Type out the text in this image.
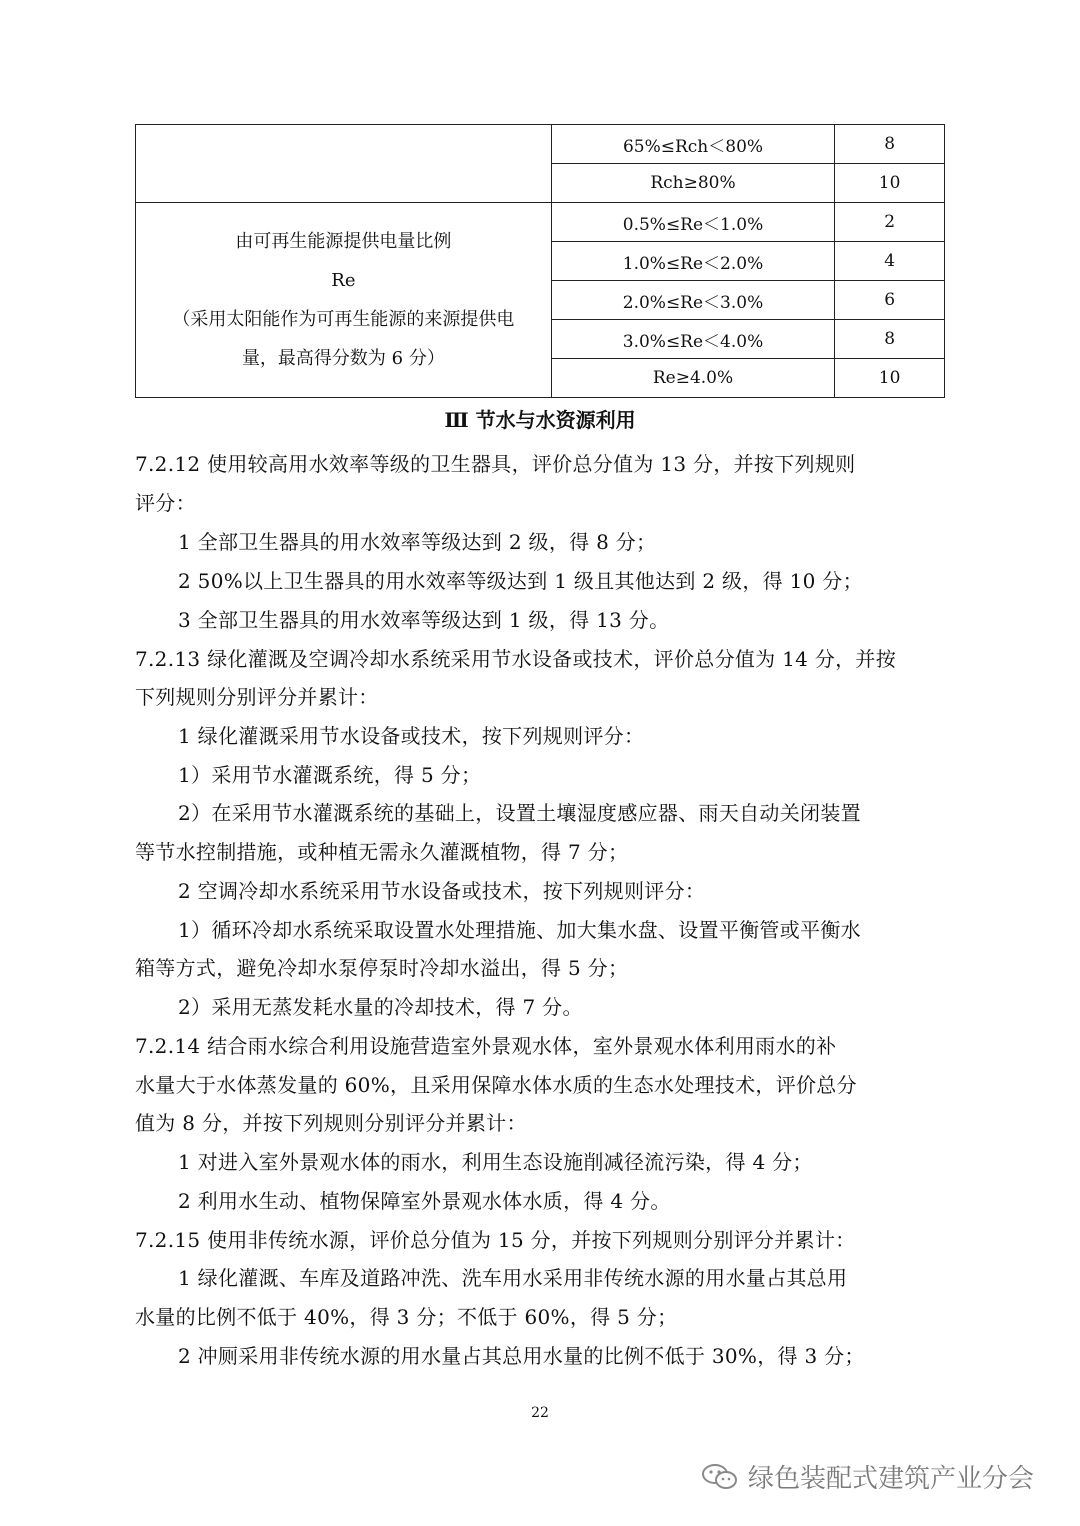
	65%≤Rch＜80%	8
	Rch≥80%	10

由可再生能源提供电量比例
Re
（采用太阳能作为可再生能源的来源提供电
量，最高得分数为 6 分）	0.5%≤Re＜1.0%	2
	1.0%≤Re＜2.0%	4
	2.0%≤Re＜3.0%	6
	3.0%≤Re＜4.0%	8
	Re≥4.0%	10
Ⅲ 节水与水资源利用
7.2.12 使用较高用水效率等级的卫生器具，评价总分值为 13 分，并按下列规则
评分：
1 全部卫生器具的用水效率等级达到 2 级，得 8 分；
2 50%以上卫生器具的用水效率等级达到 1 级且其他达到 2 级，得 10 分；
3 全部卫生器具的用水效率等级达到 1 级，得 13 分。
7.2.13 绿化灌溉及空调冷却水系统采用节水设备或技术，评价总分值为 14 分，并按
下列规则分别评分并累计：
1 绿化灌溉采用节水设备或技术，按下列规则评分：
1）采用节水灌溉系统，得 5 分；
2）在采用节水灌溉系统的基础上，设置土壤湿度感应器、雨天自动关闭装置
等节水控制措施，或种植无需永久灌溉植物，得 7 分；
2 空调冷却水系统采用节水设备或技术，按下列规则评分：
1）循环冷却水系统采取设置水处理措施、加大集水盘、设置平衡管或平衡水
箱等方式，避免冷却水泵停泵时冷却水溢出，得 5 分；
2）采用无蒸发耗水量的冷却技术，得 7 分。
7.2.14 结合雨水综合利用设施营造室外景观水体，室外景观水体利用雨水的补
水量大于水体蒸发量的 60%，且采用保障水体水质的生态水处理技术，评价总分
值为 8 分，并按下列规则分别评分并累计：
1 对进入室外景观水体的雨水，利用生态设施削减径流污染，得 4 分；
2 利用水生动、植物保障室外景观水体水质，得 4 分。
7.2.15 使用非传统水源，评价总分值为 15 分，并按下列规则分别评分并累计：
1 绿化灌溉、车库及道路冲洗、洗车用水采用非传统水源的用水量占其总用
水量的比例不低于 40%，得 3 分；不低于 60%，得 5 分；
2 冲厕采用非传统水源的用水量占其总用水量的比例不低于 30%，得 3 分；
22
绿色装配式建筑产业分会
